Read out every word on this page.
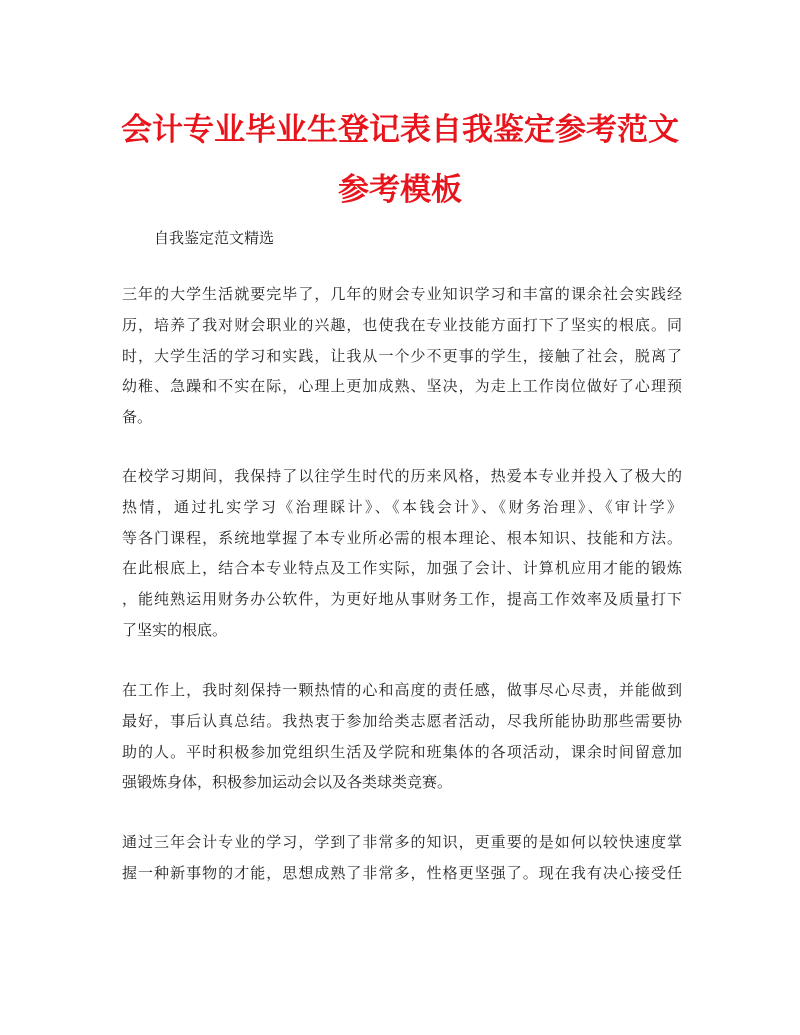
会计专业毕业生登记表自我鉴定参考范文
参考模板

自我鉴定范文精选

三年的大学生活就要完毕了，几年的财会专业知识学习和丰富的课余社会实践经
历，培养了我对财会职业的兴趣，也使我在专业技能方面打下了坚实的根底。同
时，大学生活的学习和实践，让我从一个少不更事的学生，接触了社会，脱离了
幼稚、急躁和不实在际，心理上更加成熟、坚决，为走上工作岗位做好了心理预
备。
在校学习期间，我保持了以往学生时代的历来风格，热爱本专业并投入了极大的
热情，通过扎实学习《治理睬计》、《本钱会计》、《财务治理》、《审计学》
等各门课程，系统地掌握了本专业所必需的根本理论、根本知识、技能和方法。
在此根底上，结合本专业特点及工作实际，加强了会计、计算机应用才能的锻炼
，能纯熟运用财务办公软件，为更好地从事财务工作，提高工作效率及质量打下
了坚实的根底。
在工作上，我时刻保持一颗热情的心和高度的责任感，做事尽心尽责，并能做到
最好，事后认真总结。我热衷于参加给类志愿者活动，尽我所能协助那些需要协
助的人。平时积极参加党组织生活及学院和班集体的各项活动，课余时间留意加
强锻炼身体，积极参加运动会以及各类球类竞赛。
通过三年会计专业的学习，学到了非常多的知识，更重要的是如何以较快速度掌
握一种新事物的才能，思想成熟了非常多，性格更坚强了。现在我有决心接受任
